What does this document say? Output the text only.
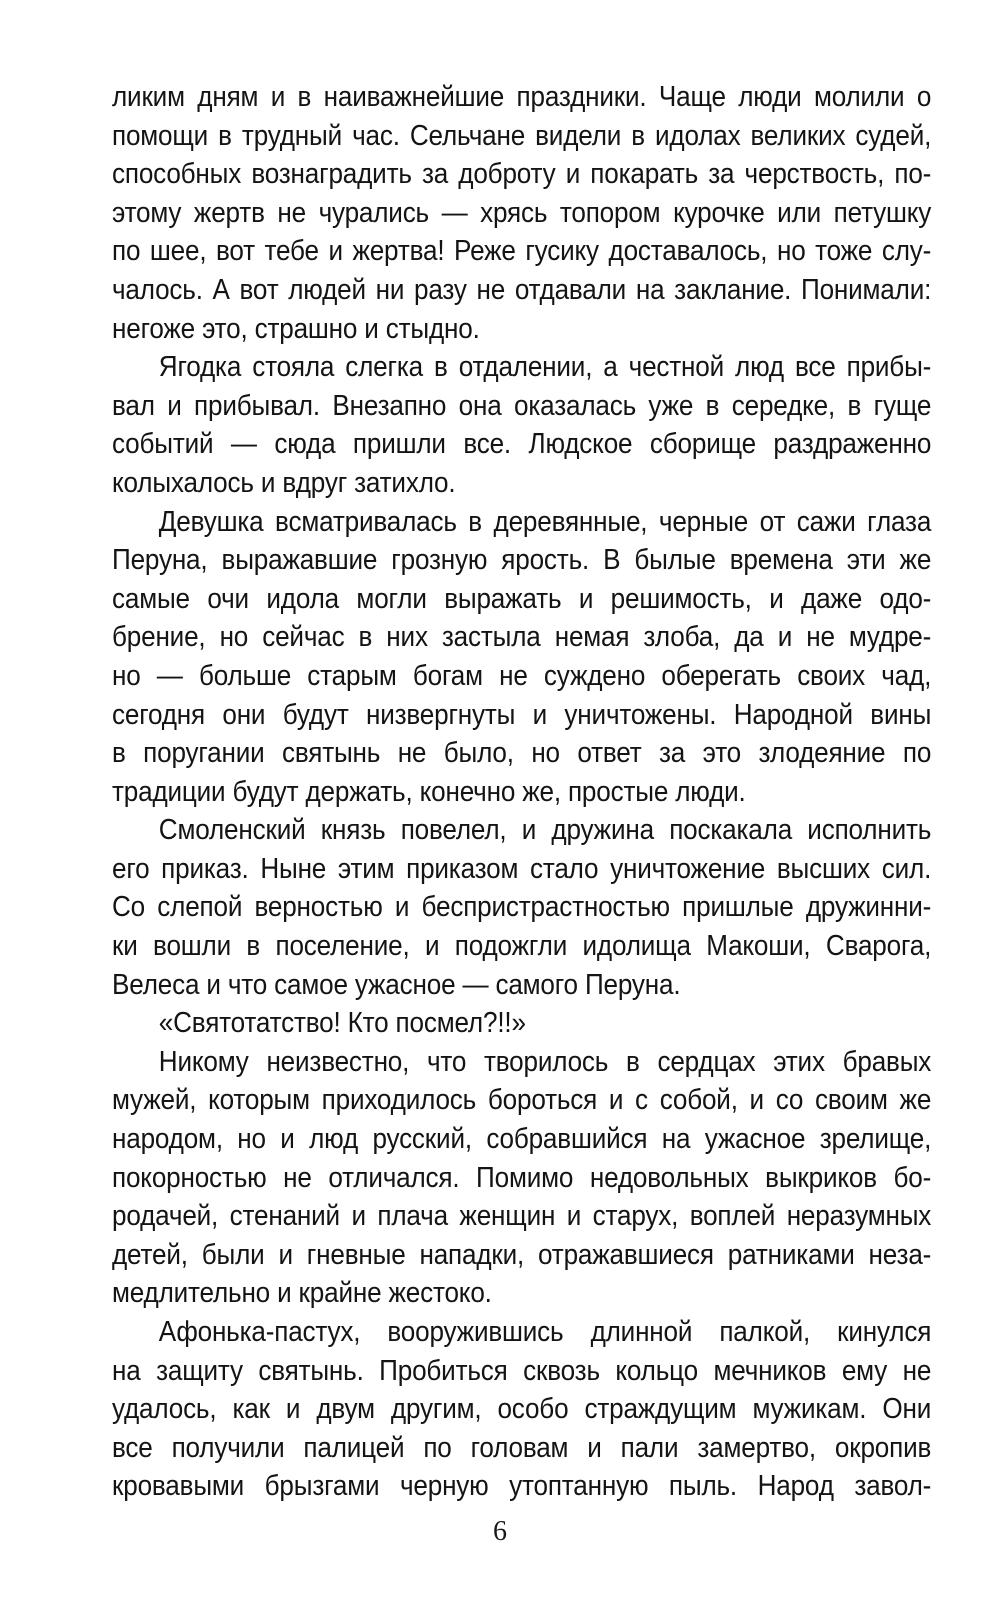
ликим дням и в наиважнейшие праздники. Чаще люди молили о
помощи в трудный час. Сельчане видели в идолах великих судей,
способных вознаградить за доброту и покарать за черствость, по-
этому жертв не чурались — хрясь топором курочке или петушку
по шее, вот тебе и жертва! Реже гусику доставалось, но тоже слу-
чалось. А вот людей ни разу не отдавали на заклание. Понимали:
негоже это, страшно и стыдно.
Ягодка стояла слегка в отдалении, а честной люд все прибы-
вал и прибывал. Внезапно она оказалась уже в середке, в гуще
событий — сюда пришли все. Людское сборище раздраженно
колыхалось и вдруг затихло.
Девушка всматривалась в деревянные, черные от сажи глаза
Перуна, выражавшие грозную ярость. В былые времена эти же
самые очи идола могли выражать и решимость, и даже одо-
брение, но сейчас в них застыла немая злоба, да и не мудре-
но — больше старым богам не суждено оберегать своих чад,
сегодня они будут низвергнуты и уничтожены. Народной вины
в поругании святынь не было, но ответ за это злодеяние по
традиции будут держать, конечно же, простые люди.
Смоленский князь повелел, и дружина поскакала исполнить
его приказ. Ныне этим приказом стало уничтожение высших сил.
Со слепой верностью и беспристрастностью пришлые дружинни-
ки вошли в поселение, и подожгли идолища Макоши, Сварога,
Велеса и что самое ужасное — самого Перуна.
«Святотатство! Кто посмел?!!»
Никому неизвестно, что творилось в сердцах этих бравых
мужей, которым приходилось бороться и с собой, и со своим же
народом, но и люд русский, собравшийся на ужасное зрелище,
покорностью не отличался. Помимо недовольных выкриков бо-
родачей, стенаний и плача женщин и старух, воплей неразумных
детей, были и гневные нападки, отражавшиеся ратниками неза-
медлительно и крайне жестоко.
Афонька-пастух, вооружившись длинной палкой, кинулся
на защиту святынь. Пробиться сквозь кольцо мечников ему не
удалось, как и двум другим, особо страждущим мужикам. Они
все получили палицей по головам и пали замертво, окропив
кровавыми брызгами черную утоптанную пыль. Народ завол-
6
